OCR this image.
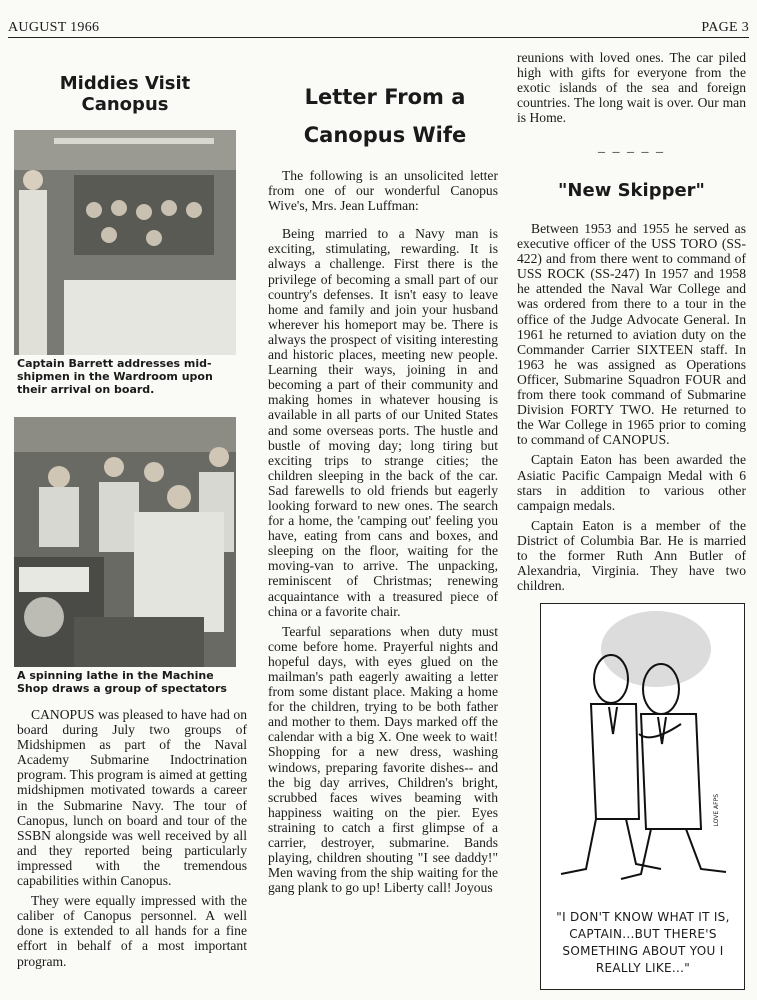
AUGUST 1966	PAGE 3
Middies Visit Canopus
Captain Barrett addresses mid-shipmen in the Wardroom upon their arrival on board.
A spinning lathe in the Machine Shop draws a group of spectators

CANOPUS was pleased to have had on board during July two groups of Midshipmen as part of the Naval Academy Submarine Indoctrination program. This program is aimed at getting midshipmen motivated towards a career in the Submarine Navy. The tour of Canopus, lunch on board and tour of the SSBN alongside was well received by all and they reported being particularly impressed with the tremendous capabilities within Canopus.

They were equally impressed with the caliber of Canopus personnel. A well done is extended to all hands for a fine effort in behalf of a most important program.

Letter From a Canopus Wife

The following is an unsolicited letter from one of our wonderful Canopus Wive's, Mrs. Jean Luffman:

Being married to a Navy man is exciting, stimulating, rewarding. It is always a challenge. First there is the privilege of becoming a small part of our country's defenses. It isn't easy to leave home and family and join your husband wherever his homeport may be. There is always the prospect of visiting interesting and historic places, meeting new people. Learning their ways, joining in and becoming a part of their community and making homes in whatever housing is available in all parts of our United States and some overseas ports. The hustle and bustle of moving day; long tiring but exciting trips to strange cities; the children sleeping in the back of the car. Sad farewells to old friends but eagerly looking forward to new ones. The search for a home, the 'camping out' feeling you have, eating from cans and boxes, and sleeping on the floor, waiting for the moving-van to arrive. The unpacking, reminiscent of Christmas; renewing acquaintance with a treasured piece of china or a favorite chair.

Tearful separations when duty must come before home. Prayerful nights and hopeful days, with eyes glued on the mailman's path eagerly awaiting a letter from some distant place. Making a home for the children, trying to be both father and mother to them. Days marked off the calendar with a big X. One week to wait! Shopping for a new dress, washing windows, preparing favorite dishes-- and the big day arrives, Children's bright, scrubbed faces wives beaming with happiness waiting on the pier. Eyes straining to catch a first glimpse of a carrier, destroyer, submarine. Bands playing, children shouting "I see daddy!" Men waving from the ship waiting for the gang plank to go up! Liberty call! Joyous

reunions with loved ones. The car piled high with gifts for everyone from the exotic islands of the sea and foreign countries. The long wait is over. Our man is Home.
_ _ _ _ _
"New Skipper"

Between 1953 and 1955 he served as executive officer of the USS TORO (SS-422) and from there went to command of USS ROCK (SS-247) In 1957 and 1958 he attended the Naval War College and was ordered from there to a tour in the office of the Judge Advocate General. In 1961 he returned to aviation duty on the Commander Carrier SIXTEEN staff. In 1963 he was assigned as Operations Officer, Submarine Squadron FOUR and from there took command of Submarine Division FORTY TWO. He returned to the War College in 1965 prior to coming to command of CANOPUS.

Captain Eaton has been awarded the Asiatic Pacific Campaign Medal with 6 stars in addition to various other campaign medals.

Captain Eaton is a member of the District of Columbia Bar. He is married to the former Ruth Ann Butler of Alexandria, Virginia. They have two children.

LOVE AFPS
"I DON'T KNOW WHAT IT IS, CAPTAIN...BUT THERE'S SOMETHING ABOUT YOU I REALLY LIKE..."
